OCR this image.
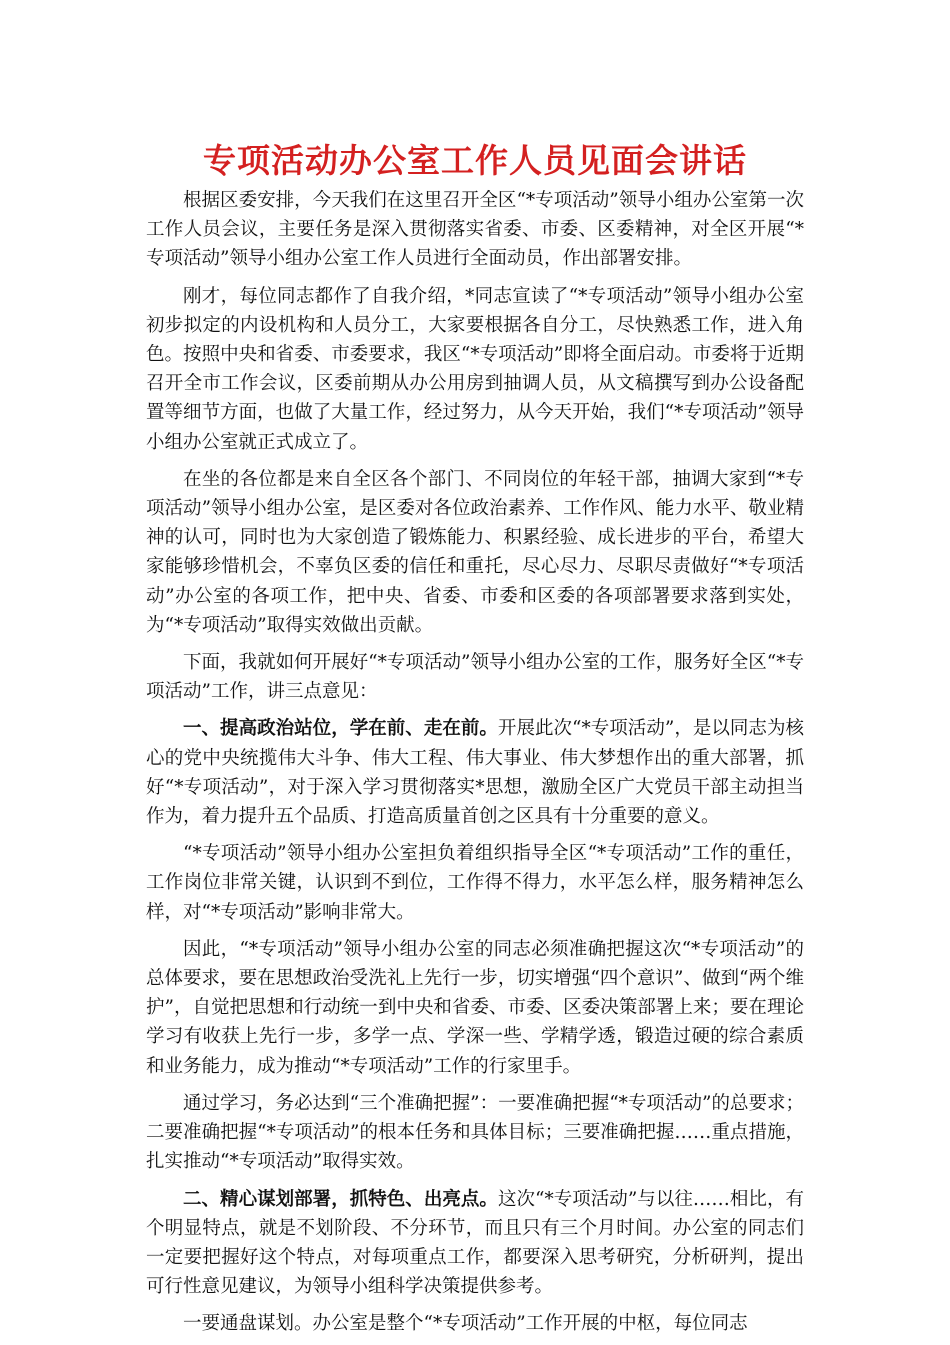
专项活动办公室工作人员见面会讲话

根据区委安排，今天我们在这里召开全区“*专项活动”领导小组办公室第一次工作人员会议，主要任务是深入贯彻落实省委、市委、区委精神，对全区开展“*专项活动”领导小组办公室工作人员进行全面动员，作出部署安排。

刚才，每位同志都作了自我介绍，*同志宣读了“*专项活动”领导小组办公室初步拟定的内设机构和人员分工，大家要根据各自分工，尽快熟悉工作，进入角色。按照中央和省委、市委要求，我区“*专项活动”即将全面启动。市委将于近期召开全市工作会议，区委前期从办公用房到抽调人员，从文稿撰写到办公设备配置等细节方面，也做了大量工作，经过努力，从今天开始，我们“*专项活动”领导小组办公室就正式成立了。

在坐的各位都是来自全区各个部门、不同岗位的年轻干部，抽调大家到“*专项活动”领导小组办公室，是区委对各位政治素养、工作作风、能力水平、敬业精神的认可，同时也为大家创造了锻炼能力、积累经验、成长进步的平台，希望大家能够珍惜机会，不辜负区委的信任和重托，尽心尽力、尽职尽责做好“*专项活动”办公室的各项工作，把中央、省委、市委和区委的各项部署要求落到实处，为“*专项活动”取得实效做出贡献。

下面，我就如何开展好“*专项活动”领导小组办公室的工作，服务好全区“*专项活动”工作，讲三点意见：

一、提高政治站位，学在前、走在前。开展此次“*专项活动”，是以同志为核心的党中央统揽伟大斗争、伟大工程、伟大事业、伟大梦想作出的重大部署，抓好“*专项活动”，对于深入学习贯彻落实*思想，激励全区广大党员干部主动担当作为，着力提升五个品质、打造高质量首创之区具有十分重要的意义。

“*专项活动”领导小组办公室担负着组织指导全区“*专项活动”工作的重任，工作岗位非常关键，认识到不到位，工作得不得力，水平怎么样，服务精神怎么样，对“*专项活动”影响非常大。

因此，“*专项活动”领导小组办公室的同志必须准确把握这次“*专项活动”的总体要求，要在思想政治受洗礼上先行一步，切实增强“四个意识”、做到“两个维护”，自觉把思想和行动统一到中央和省委、市委、区委决策部署上来；要在理论学习有收获上先行一步，多学一点、学深一些、学精学透，锻造过硬的综合素质和业务能力，成为推动“*专项活动”工作的行家里手。

通过学习，务必达到“三个准确把握”：一要准确把握“*专项活动”的总要求；二要准确把握“*专项活动”的根本任务和具体目标；三要准确把握……重点措施，扎实推动“*专项活动”取得实效。

二、精心谋划部署，抓特色、出亮点。这次“*专项活动”与以往……相比，有个明显特点，就是不划阶段、不分环节，而且只有三个月时间。办公室的同志们一定要把握好这个特点，对每项重点工作，都要深入思考研究，分析研判，提出可行性意见建议，为领导小组科学决策提供参考。

一要通盘谋划。办公室是整个“*专项活动”工作开展的中枢，每位同志
